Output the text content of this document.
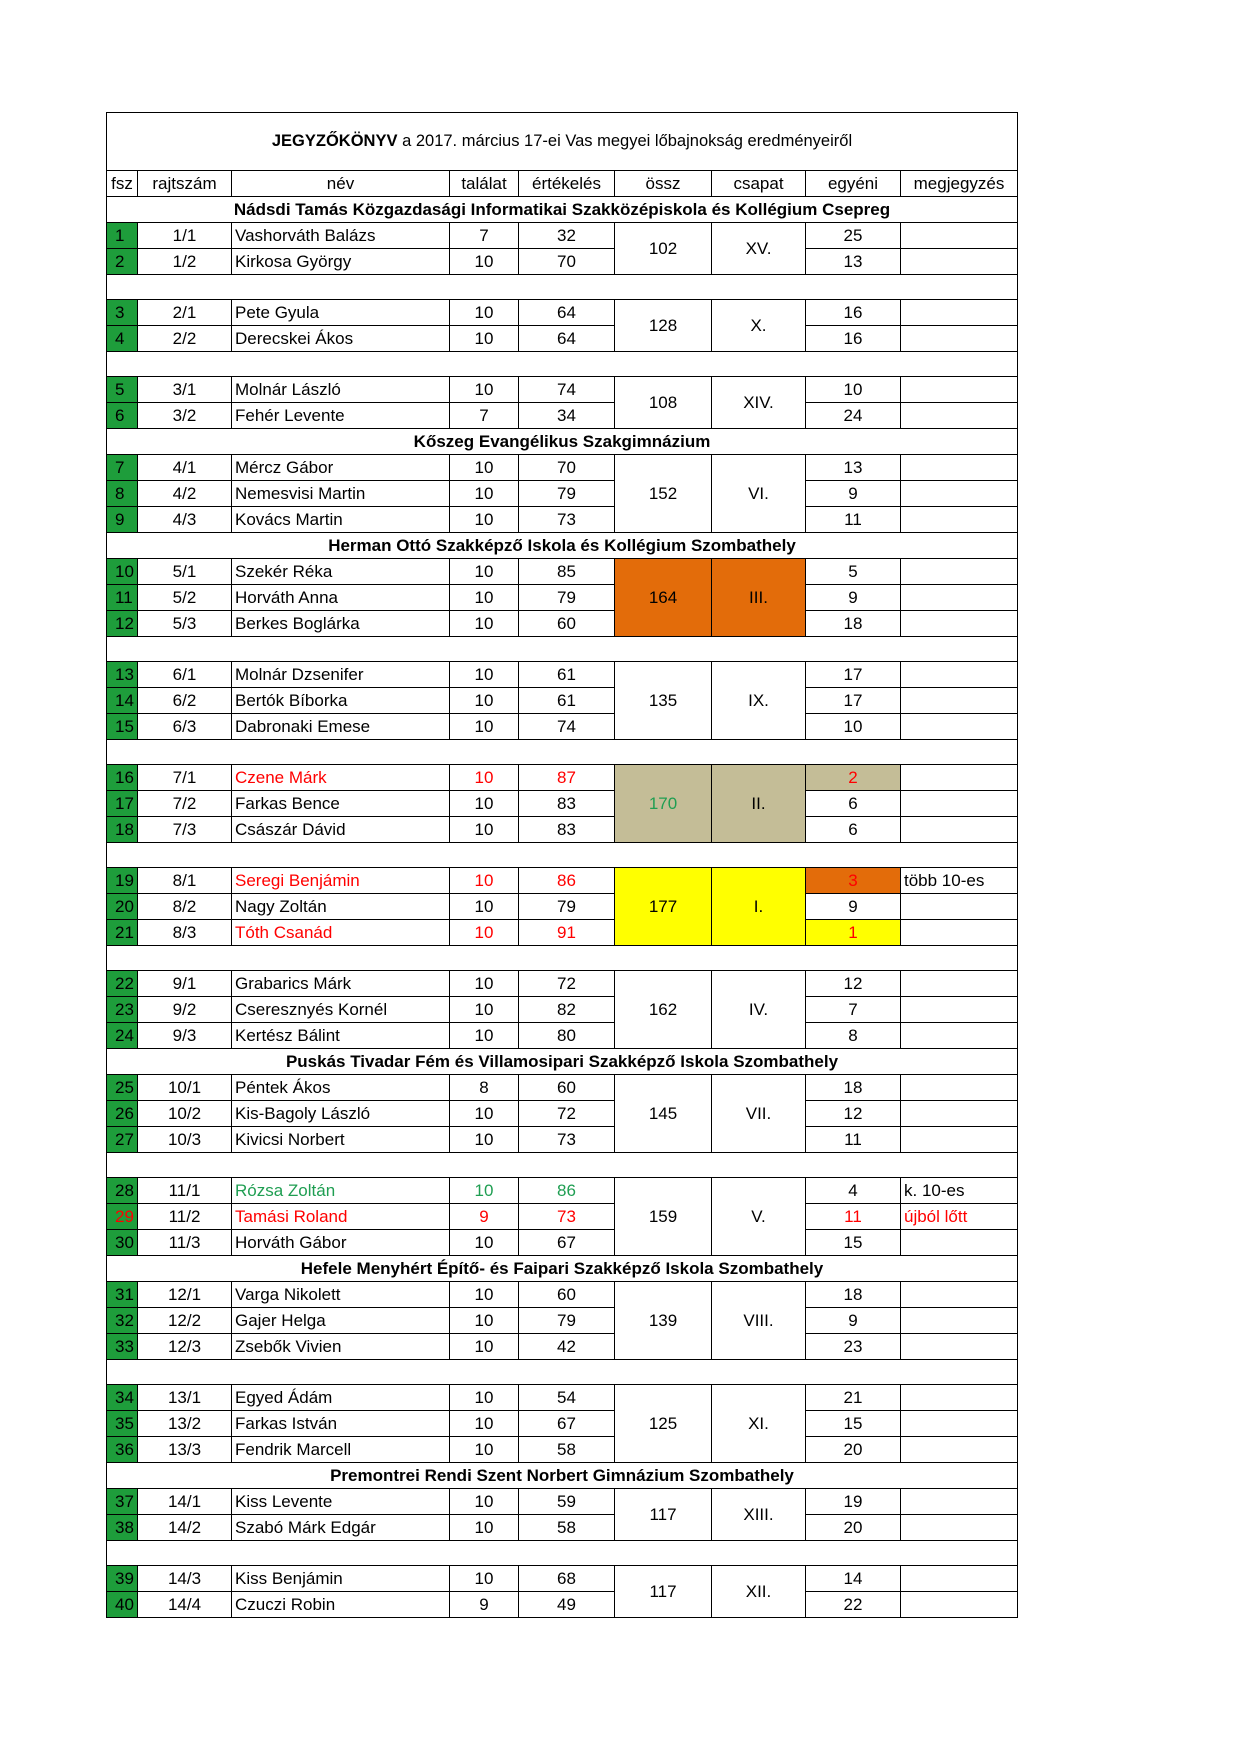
JEGYZŐKÖNYV a 2017. március 17-ei Vas megyei lőbajnokság eredményeiről								
fsz	rajtszám	név	találat	értékelés	össz	csapat	egyéni	megjegyzés
Nádsdi Tamás Közgazdasági Informatikai Szakközépiskola és Kollégium Csepreg								
1	1/1	Vashorváth Balázs	7	32	102	XV.	25	
2	1/2	Kirkosa György	10	70			13	

3	2/1	Pete Gyula	10	64	128	X.	16	
4	2/2	Derecskei Ákos	10	64			16	

5	3/1	Molnár László	10	74	108	XIV.	10	
6	3/2	Fehér Levente	7	34			24	
Kőszeg Evangélikus Szakgimnázium								
7	4/1	Mércz Gábor	10	70	152	VI.	13	
8	4/2	Nemesvisi Martin	10	79			9	
9	4/3	Kovács Martin	10	73			11	
Herman Ottó Szakképző Iskola és Kollégium Szombathely								
10	5/1	Szekér Réka	10	85	164	III.	5	
11	5/2	Horváth Anna	10	79			9	
12	5/3	Berkes Boglárka	10	60			18	

13	6/1	Molnár Dzsenifer	10	61	135	IX.	17	
14	6/2	Bertók Bíborka	10	61			17	
15	6/3	Dabronaki Emese	10	74			10	

16	7/1	Czene Márk	10	87	170	II.	2	
17	7/2	Farkas Bence	10	83			6	
18	7/3	Császár Dávid	10	83			6	

19	8/1	Seregi Benjámin	10	86	177	I.	3	több 10-es
20	8/2	Nagy Zoltán	10	79			9	
21	8/3	Tóth Csanád	10	91			1	

22	9/1	Grabarics Márk	10	72	162	IV.	12	
23	9/2	Cseresznyés Kornél	10	82			7	
24	9/3	Kertész Bálint	10	80			8	
Puskás Tivadar Fém és Villamosipari Szakképző Iskola Szombathely								
25	10/1	Péntek Ákos	8	60	145	VII.	18	
26	10/2	Kis-Bagoly László	10	72			12	
27	10/3	Kivicsi Norbert	10	73			11	

28	11/1	Rózsa Zoltán	10	86	159	V.	4	k. 10-es
29	11/2	Tamási Roland	9	73			11	újból lőtt
30	11/3	Horváth Gábor	10	67			15	
Hefele Menyhért Építő- és Faipari Szakképző Iskola Szombathely								
31	12/1	Varga Nikolett	10	60	139	VIII.	18	
32	12/2	Gajer Helga	10	79			9	
33	12/3	Zsebők Vivien	10	42			23	

34	13/1	Egyed Ádám	10	54	125	XI.	21	
35	13/2	Farkas István	10	67			15	
36	13/3	Fendrik Marcell	10	58			20	
Premontrei Rendi Szent Norbert Gimnázium Szombathely								
37	14/1	Kiss Levente	10	59	117	XIII.	19	
38	14/2	Szabó Márk Edgár	10	58			20	

39	14/3	Kiss Benjámin	10	68	117	XII.	14	
40	14/4	Czuczi Robin	9	49			22	
